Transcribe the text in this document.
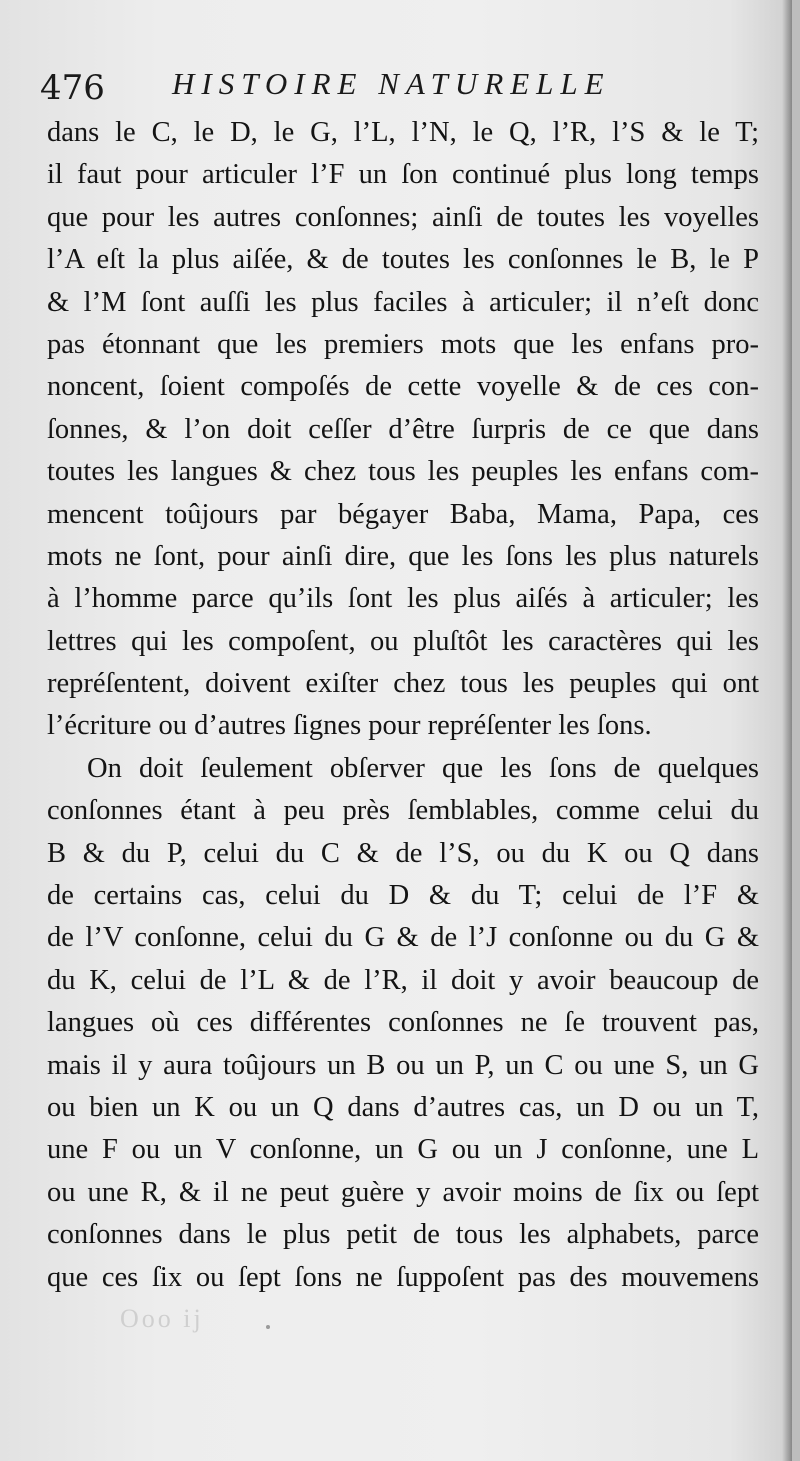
476 HISTOIRE NATURELLE
dans le C, le D, le G, l’L, l’N, le Q, l’R, l’S & le T;
il faut pour articuler l’F un ſon continué plus long temps
que pour les autres conſonnes; ainſi de toutes les voyelles
l’A eſt la plus aiſée, & de toutes les conſonnes le B, le P
& l’M ſont auſſi les plus faciles à articuler; il n’eſt donc
pas étonnant que les premiers mots que les enfans pro-
noncent, ſoient compoſés de cette voyelle & de ces con-
ſonnes, & l’on doit ceſſer d’être ſurpris de ce que dans
toutes les langues & chez tous les peuples les enfans com-
mencent toûjours par bégayer Baba, Mama, Papa, ces
mots ne ſont, pour ainſi dire, que les ſons les plus naturels
à l’homme parce qu’ils ſont les plus aiſés à articuler; les
lettres qui les compoſent, ou pluſtôt les caractères qui les
repréſentent, doivent exiſter chez tous les peuples qui ont
l’écriture ou d’autres ſignes pour repréſenter les ſons.
On doit ſeulement obſerver que les ſons de quelques
conſonnes étant à peu près ſemblables, comme celui du
B & du P, celui du C & de l’S, ou du K ou Q dans
de certains cas, celui du D & du T; celui de l’F &
de l’V conſonne, celui du G & de l’J conſonne ou du G &
du K, celui de l’L & de l’R, il doit y avoir beaucoup de
langues où ces différentes conſonnes ne ſe trouvent pas,
mais il y aura toûjours un B ou un P, un C ou une S, un G
ou bien un K ou un Q dans d’autres cas, un D ou un T,
une F ou un V conſonne, un G ou un J conſonne, une L
ou une R, & il ne peut guère y avoir moins de ſix ou ſept
conſonnes dans le plus petit de tous les alphabets, parce
que ces ſix ou ſept ſons ne ſuppoſent pas des mouvemens
Ooo ij
